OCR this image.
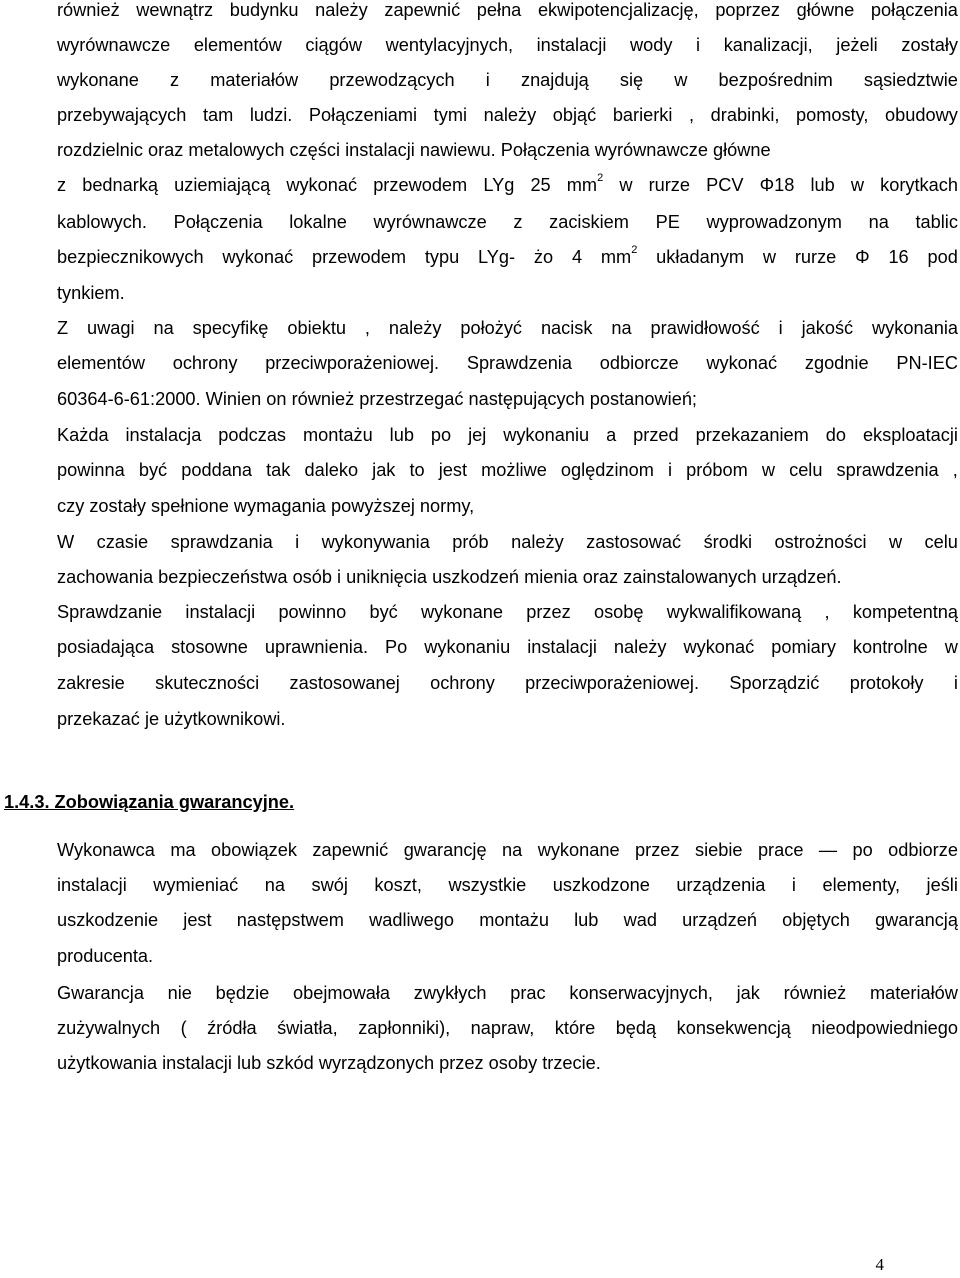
również wewnątrz budynku należy zapewnić pełna ekwipotencjalizację, poprzez główne połączenia
wyrównawcze elementów ciągów wentylacyjnych, instalacji wody i kanalizacji, jeżeli zostały
wykonane z materiałów przewodzących i znajdują się w bezpośrednim sąsiedztwie
przebywających tam ludzi. Połączeniami tymi należy objąć barierki , drabinki, pomosty, obudowy
rozdzielnic oraz metalowych części instalacji nawiewu. Połączenia wyrównawcze główne
z bednarką uziemiającą wykonać przewodem LYg 25 $mm^2$ w rurze PCV Φ18 lub w korytkach
kablowych. Połączenia lokalne wyrównawcze z zaciskiem PE wyprowadzonym na tablic
bezpiecznikowych wykonać przewodem typu LYg- żo 4 $mm^2$ układanym w rurze Φ 16 pod
tynkiem.
Z uwagi na specyfikę obiektu , należy położyć nacisk na prawidłowość i jakość wykonania
elementów ochrony przeciwporażeniowej. Sprawdzenia odbiorcze wykonać zgodnie PN-IEC
60364-6-61:2000. Winien on również przestrzegać następujących postanowień;
Każda instalacja podczas montażu lub po jej wykonaniu a przed przekazaniem do eksploatacji
powinna być poddana tak daleko jak to jest możliwe oględzinom i próbom w celu sprawdzenia ,
czy zostały spełnione wymagania powyższej normy,
W czasie sprawdzania i wykonywania prób należy zastosować środki ostrożności w celu
zachowania bezpieczeństwa osób i uniknięcia uszkodzeń mienia oraz zainstalowanych urządzeń.
Sprawdzanie instalacji powinno być wykonane przez osobę wykwalifikowaną , kompetentną
posiadająca stosowne uprawnienia. Po wykonaniu instalacji należy wykonać pomiary kontrolne w
zakresie skuteczności zastosowanej ochrony przeciwporażeniowej. Sporządzić protokoły i
przekazać je użytkownikowi.
1.4.3. Zobowiązania gwarancyjne.
Wykonawca ma obowiązek zapewnić gwarancję na wykonane przez siebie prace — po odbiorze
instalacji wymieniać na swój koszt, wszystkie uszkodzone urządzenia i elementy, jeśli
uszkodzenie jest następstwem wadliwego montażu lub wad urządzeń objętych gwarancją
producenta.
Gwarancja nie będzie obejmowała zwykłych prac konserwacyjnych, jak również materiałów
zużywalnych ( źródła światła, zapłonniki), napraw, które będą konsekwencją nieodpowiedniego
użytkowania instalacji lub szkód wyrządzonych przez osoby trzecie.
4
